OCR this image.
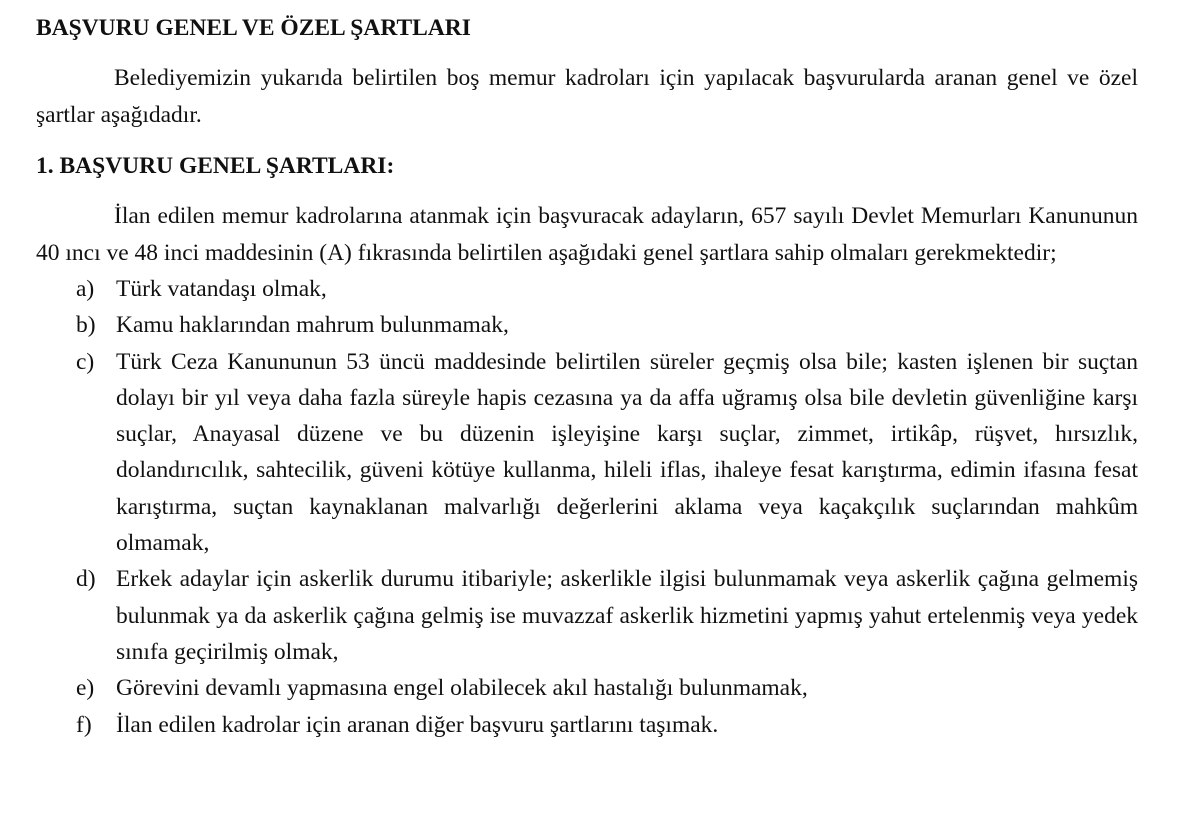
BAŞVURU GENEL VE ÖZEL ŞARTLARI

Belediyemizin yukarıda belirtilen boş memur kadroları için yapılacak başvurularda aranan genel ve özel şartlar aşağıdadır.

1. BAŞVURU GENEL ŞARTLARI:

İlan edilen memur kadrolarına atanmak için başvuracak adayların, 657 sayılı Devlet Memurları Kanununun 40 ıncı ve 48 inci maddesinin (A) fıkrasında belirtilen aşağıdaki genel şartlara sahip olmaları gerekmektedir;

a) Türk vatandaşı olmak,
b) Kamu haklarından mahrum bulunmamak,
c) Türk Ceza Kanununun 53 üncü maddesinde belirtilen süreler geçmiş olsa bile; kasten işlenen bir suçtan dolayı bir yıl veya daha fazla süreyle hapis cezasına ya da affa uğramış olsa bile devletin güvenliğine karşı suçlar, Anayasal düzene ve bu düzenin işleyişine karşı suçlar, zimmet, irtikâp, rüşvet, hırsızlık, dolandırıcılık, sahtecilik, güveni kötüye kullanma, hileli iflas, ihaleye fesat karıştırma, edimin ifasına fesat karıştırma, suçtan kaynaklanan malvarlığı değerlerini aklama veya kaçakçılık suçlarından mahkûm olmamak,
d) Erkek adaylar için askerlik durumu itibariyle; askerlikle ilgisi bulunmamak veya askerlik çağına gelmemiş bulunmak ya da askerlik çağına gelmiş ise muvazzaf askerlik hizmetini yapmış yahut ertelenmiş veya yedek sınıfa geçirilmiş olmak,
e) Görevini devamlı yapmasına engel olabilecek akıl hastalığı bulunmamak,
f) İlan edilen kadrolar için aranan diğer başvuru şartlarını taşımak.
